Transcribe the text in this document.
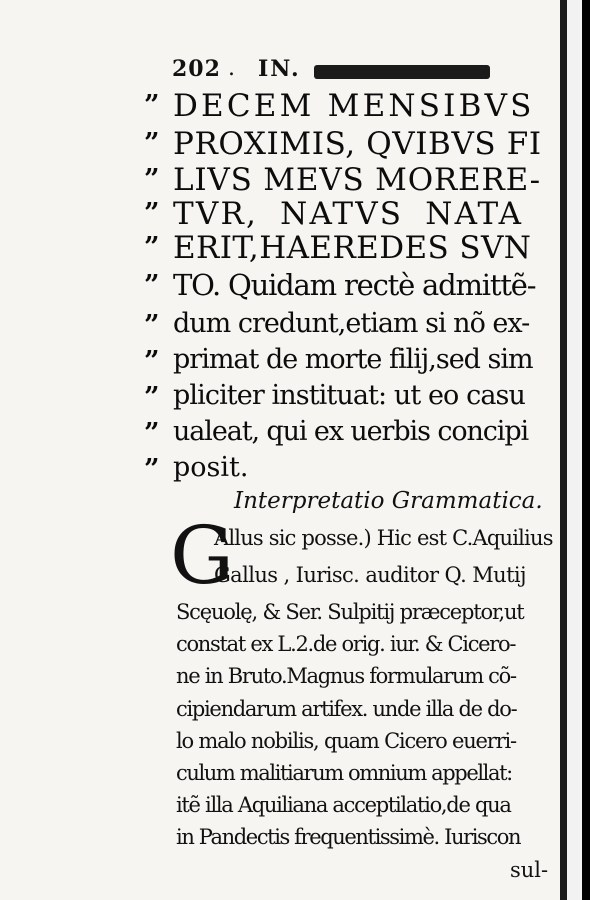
202 . IN.
” DECEM MENSIBVS
” PROXIMIS, QVIBVS FI
” LIVS MEVS MORERE-
” TVR, NATVS NATA
” ERIT,HAEREDES SVN
” TO. Quidam rectè admittẽ-
” dum credunt,etiam si nõ ex-
” primat de morte filij,sed sim
” pliciter instituat: ut eo casu
” ualeat, qui ex uerbis concipi
” posit.
Interpretatio Grammatica.
G
Allus sic posse.) Hic est C.Aquilius
Gallus , Iurisc. auditor Q. Mutij
Scęuolę, & Ser. Sulpitij præceptor,ut
constat ex L.2.de orig. iur. & Cicero-
ne in Bruto.Magnus formularum cõ-
cipiendarum artifex. unde illa de do-
lo malo nobilis, quam Cicero euerri-
culum malitiarum omnium appellat:
itẽ illa Aquiliana acceptilatio,de qua
in Pandectis frequentissimè. Iuriscon
sul-
